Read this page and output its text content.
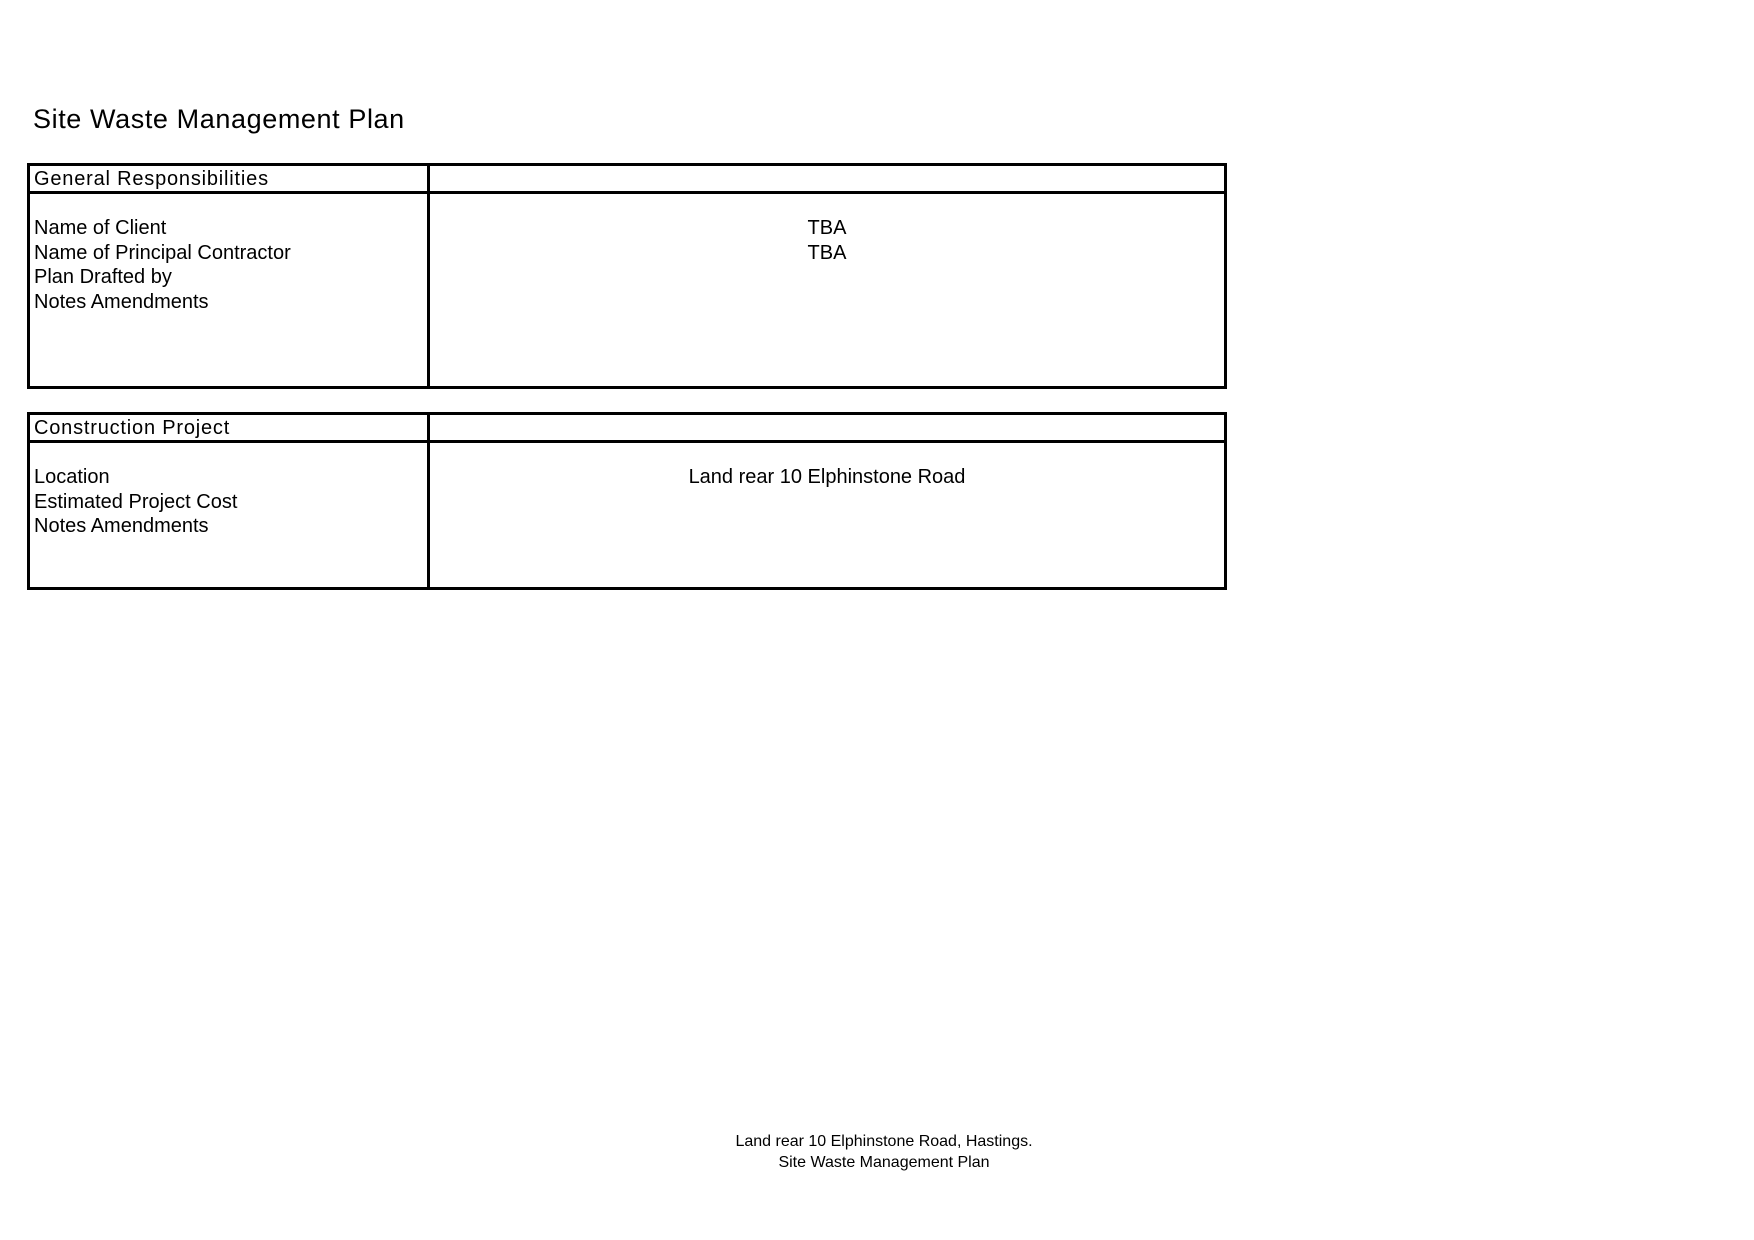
Site Waste Management Plan
General Responsibilities
Name of Client
Name of Principal Contractor
Plan Drafted by
Notes Amendments
TBA
TBA
Construction Project
Location
Estimated Project Cost
Notes Amendments
Land rear 10 Elphinstone Road
Land rear 10 Elphinstone Road, Hastings.
Site Waste Management Plan
